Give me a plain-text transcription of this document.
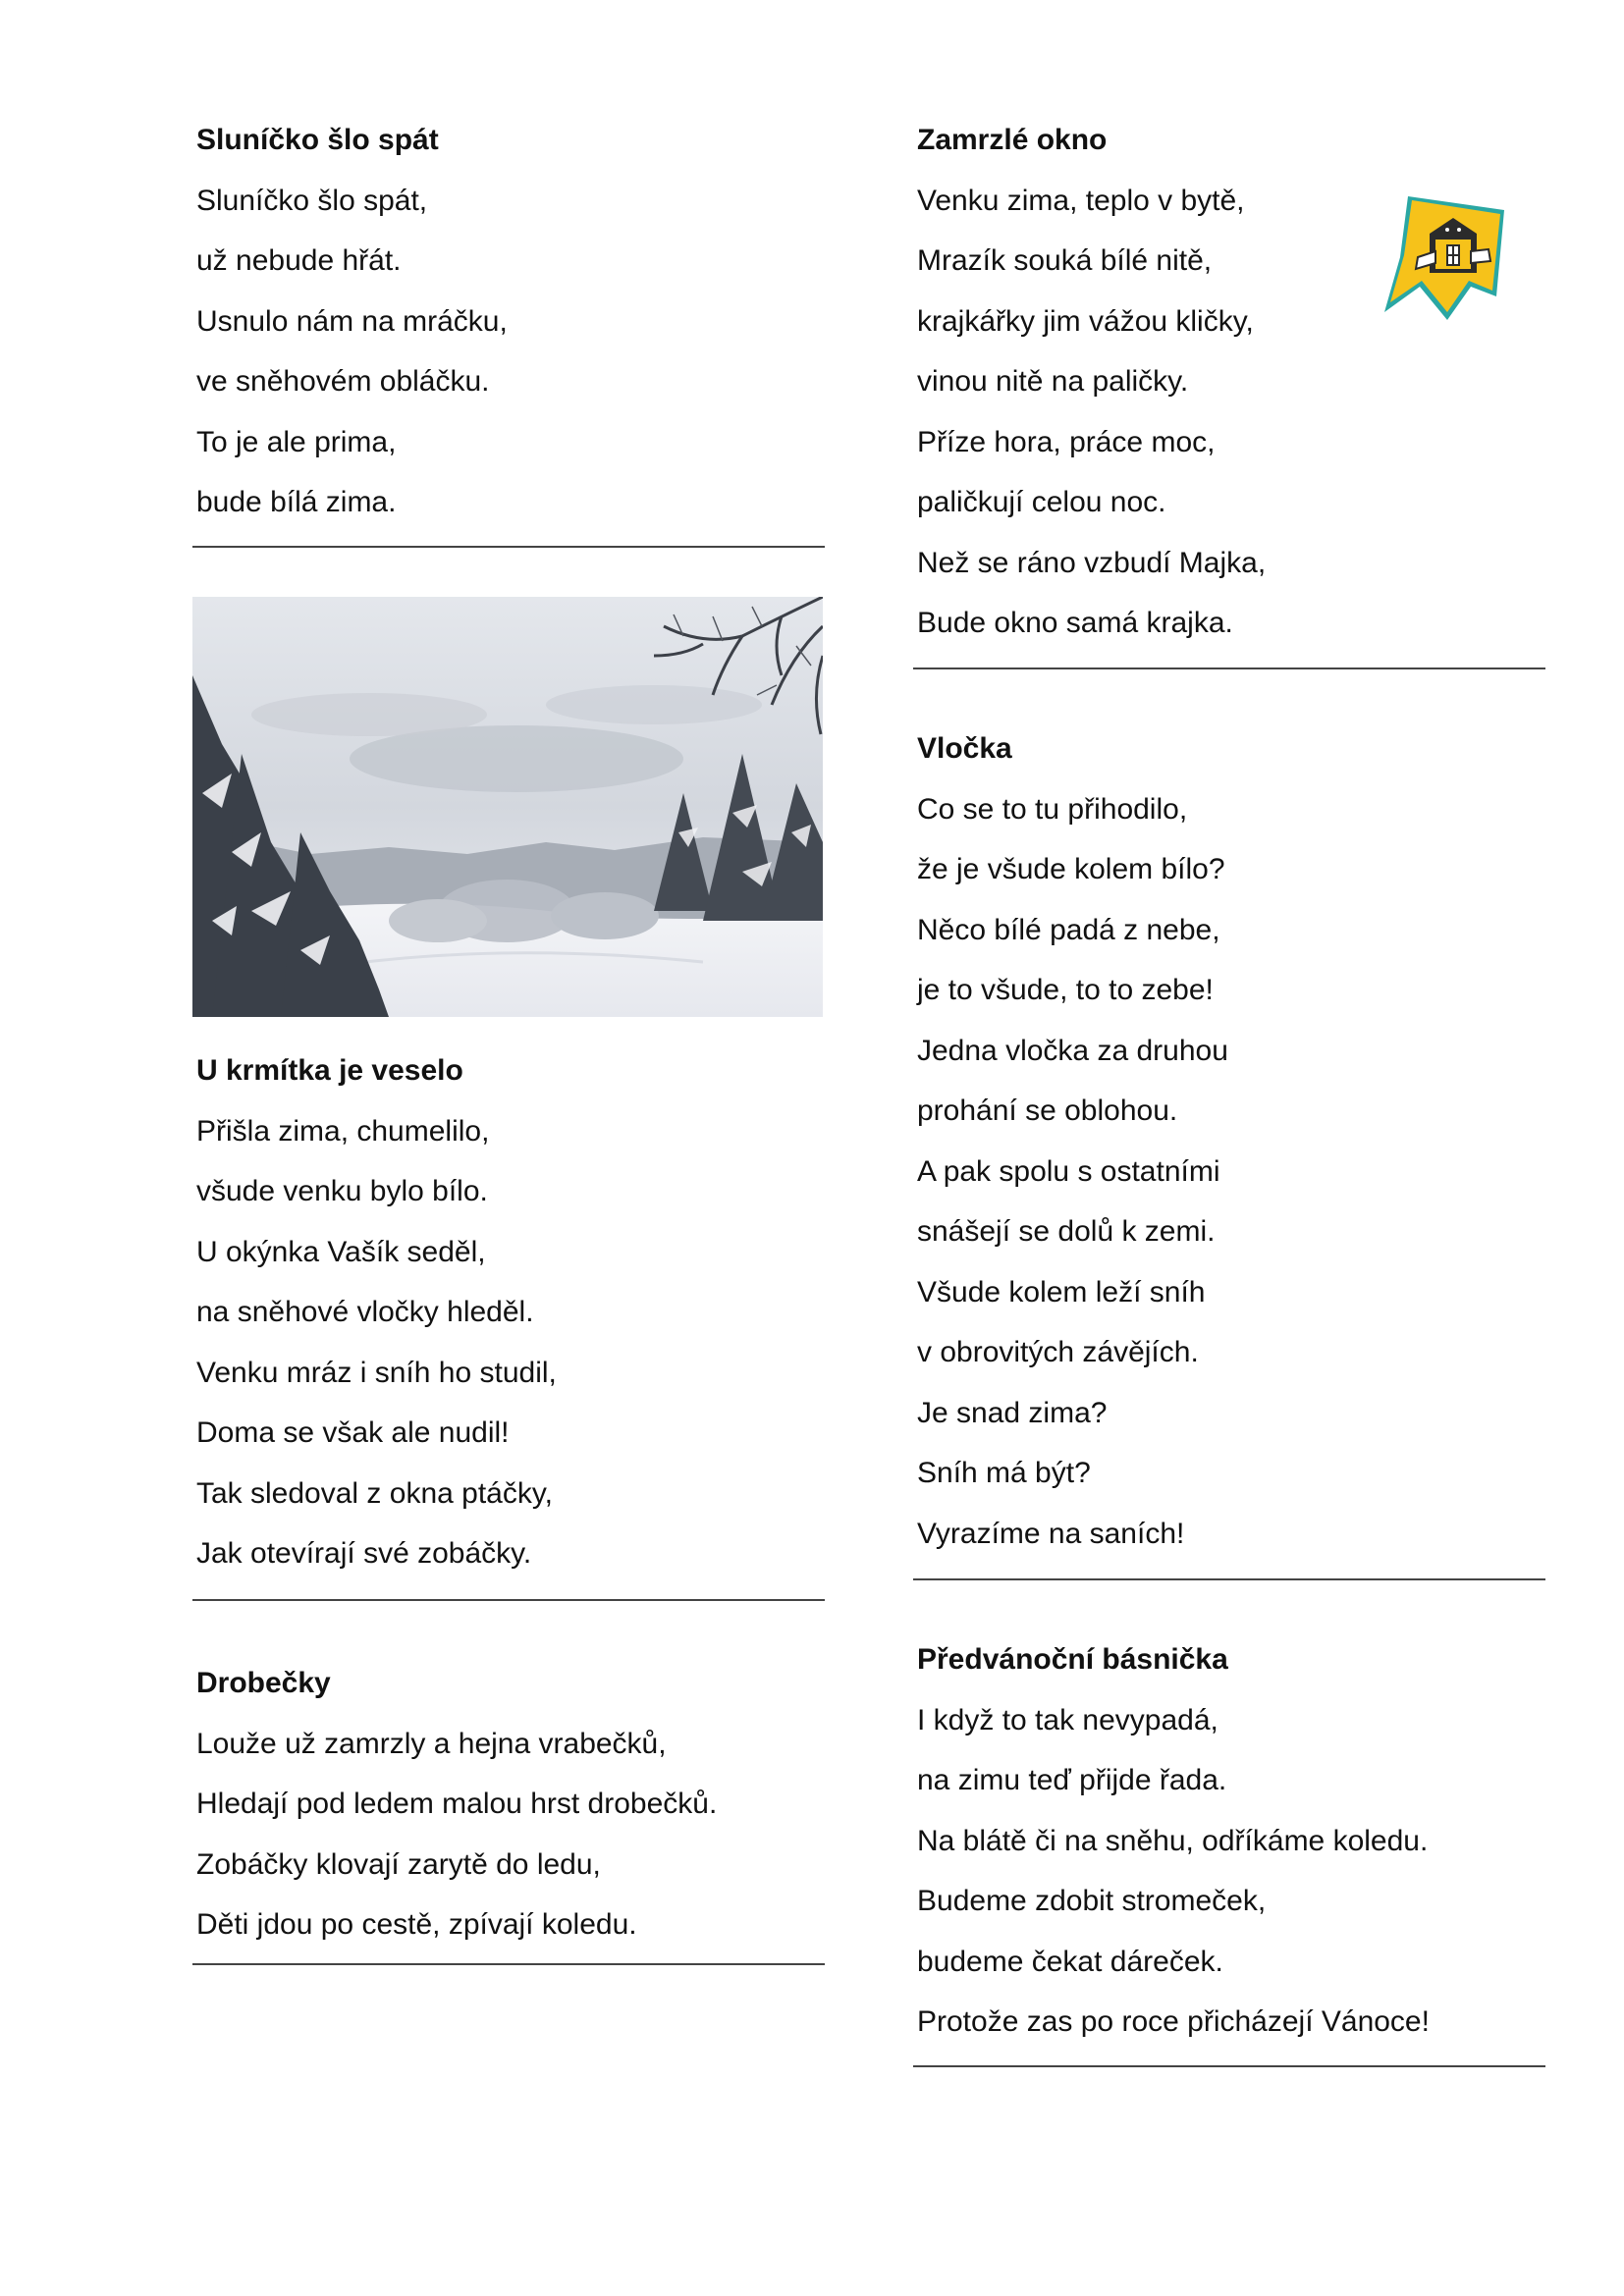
Sluníčko šlo spát
Sluníčko šlo spát,
už nebude hřát.
Usnulo nám na mráčku,
ve sněhovém obláčku.
To je ale prima,
bude bílá zima.
U krmítka je veselo
Přišla zima, chumelilo,
všude venku bylo bílo.
U okýnka Vašík seděl,
na sněhové vločky hleděl.
Venku mráz i sníh ho studil,
Doma se však ale nudil!
Tak sledoval z okna ptáčky,
Jak otevírají své zobáčky.
Drobečky
Louže už zamrzly a hejna vrabečků,
Hledají pod ledem malou hrst drobečků.
Zobáčky klovají zarytě do ledu,
Děti jdou po cestě, zpívají koledu.
Zamrzlé okno
Venku zima, teplo v bytě,
Mrazík souká bílé nitě,
krajkářky jim vážou kličky,
vinou nitě na paličky.
Příze hora, práce moc,
paličkují celou noc.
Než se ráno vzbudí Majka,
Bude okno samá krajka.
Vločka
Co se to tu přihodilo,
že je všude kolem bílo?
Něco bílé padá z nebe,
je to všude, to to zebe!
Jedna vločka za druhou
prohání se oblohou.
A pak spolu s ostatními
snášejí se dolů k zemi.
Všude kolem leží sníh
v obrovitých závějích.
Je snad zima?
Sníh má být?
Vyrazíme na saních!
Předvánoční básnička
I když to tak nevypadá,
na zimu teď přijde řada.
Na blátě či na sněhu, odříkáme koledu.
Budeme zdobit stromeček,
budeme čekat dáreček.
Protože zas po roce přicházejí Vánoce!
